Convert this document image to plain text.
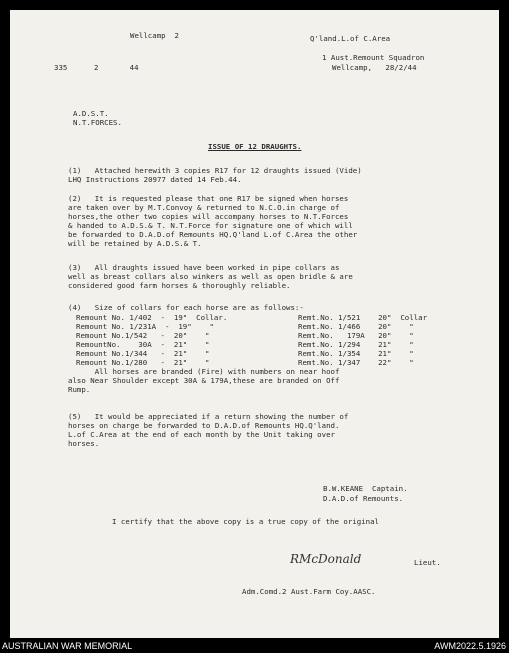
Wellcamp  2
335      2       44
Q'land.L.of C.Area
1 Aust.Remount Squadron
Wellcamp,   28/2/44
A.D.S.T.
N.T.FORCES.
ISSUE OF 12 DRAUGHTS.
(1)   Attached herewith 3 copies R17 for 12 draughts issued (Vide)
LHQ Instructions 20977 dated 14 Feb.44.
(2)   It is requested please that one R17 be signed when horses
are taken over by M.T.Convoy & returned to N.C.O.in charge of
horses,the other two copies will accompany horses to N.T.Forces
& handed to A.D.S.& T. N.T.Force for signature one of which will
be forwarded to D.A.D.of Remounts HQ.Q'land L.of C.Area the other
will be retained by A.D.S.& T.
(3)   All draughts issued have been worked in pipe collars as
well as breast collars also winkers as well as open bridle & are
considered good farm horses & thoroughly reliable.
(4)   Size of collars for each horse are as follows:-
Remount No. 1/402  -  19"  Collar.	Remt.No. 1/521    20"  Collar
Remount No. 1/231A  -  19"    "	Remt.No. 1/466    20"    "
Remount No.1/542   -  20"    "	Remt.No.   179A   20"    "
RemountNo.    30A  -  21"    "	Remt.No. 1/294    21"    "
Remount No.1/344   -  21"    "	Remt.No. 1/354    21"    "
Remount No.1/280   -  21"    "	Remt.No. 1/347    22"    "
All horses are branded (Fire) with numbers on near hoof
also Near Shoulder except 30A & 179A,these are branded on Off
Rump.
(5)   It would be appreciated if a return showing the number of
horses on charge be forwarded to D.A.D.of Remounts HQ.Q'land.
L.of C.Area at the end of each month by the Unit taking over
horses.
B.W.KEANE  Captain.
D.A.D.of Remounts.
I certify that the above copy is a true copy of the original
RMcDonald	Lieut.
Adm.Comd.2 Aust.Farm Coy.AASC.
AUSTRALIAN WAR MEMORIAL	AWM2022.5.1926
